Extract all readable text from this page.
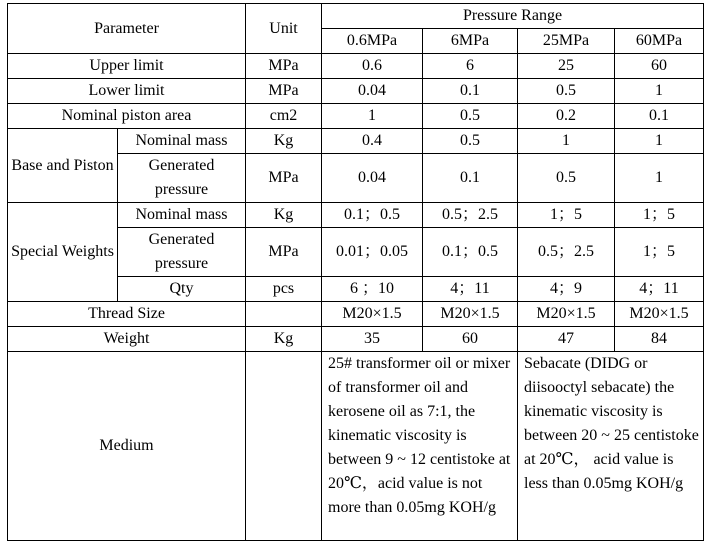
Parameter		Unit	Pressure Range			
			0.6MPa	6MPa	25MPa	60MPa
Upper limit		MPa	0.6	6	25	60
Lower limit		MPa	0.04	0.1	0.5	1
Nominal piston area		cm2	1	0.5	0.2	0.1
Base and Piston	Nominal mass	Kg	0.4	0.5	1	1
	Generated pressure	MPa	0.04	0.1	0.5	1
Special Weights	Nominal mass	Kg	0.1；0.5	0.5；2.5	1；5	1；5
	Generated pressure	MPa	0.01；0.05	0.1；0.5	0.5；2.5	1；5
	Qty	pcs	6 ；10	4；11	4；9	4；11
Thread Size			M20×1.5	M20×1.5	M20×1.5	M20×1.5
Weight		Kg	35	60	47	84
Medium			25# transformer oil or mixer of transformer oil and kerosene oil as 7:1, the kinematic viscosity is between 9 ~ 12 centistoke at 20℃，acid value is not more than 0.05mg KOH/g		Sebacate (DIDG or diisooctyl sebacate) the kinematic viscosity is between 20 ~ 25 centistoke at 20℃， acid value is less than 0.05mg KOH/g	
